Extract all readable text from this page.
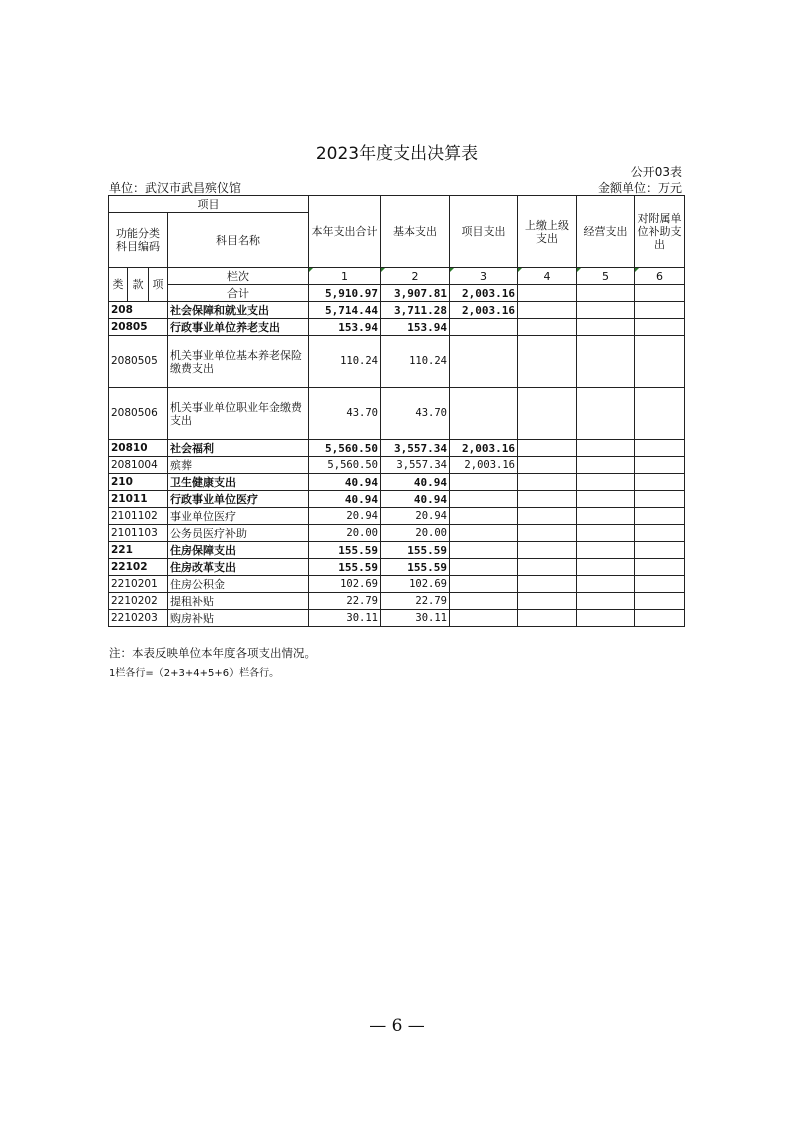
2023年度支出决算表
公开03表
单位：武汉市武昌殡仪馆	金额单位：万元
项目				本年支出合计	基本支出	项目支出	上缴上级支出	经营支出	对附属单位补助支出
功能分类科目编码			科目名称						
类	款	项	栏次	1	2	3	4	5	6
			合计	5,910.97	3,907.81	2,003.16			
208			社会保障和就业支出	5,714.44	3,711.28	2,003.16			
20805			行政事业单位养老支出	153.94	153.94				
2080505			机关事业单位基本养老保险缴费支出	110.24	110.24				
2080506			机关事业单位职业年金缴费支出	43.70	43.70				
20810			社会福利	5,560.50	3,557.34	2,003.16			
2081004			殡葬	5,560.50	3,557.34	2,003.16			
210			卫生健康支出	40.94	40.94				
21011			行政事业单位医疗	40.94	40.94				
2101102			事业单位医疗	20.94	20.94				
2101103			公务员医疗补助	20.00	20.00				
221			住房保障支出	155.59	155.59				
22102			住房改革支出	155.59	155.59				
2210201			住房公积金	102.69	102.69				
2210202			提租补贴	22.79	22.79				
2210203			购房补贴	30.11	30.11				
注：本表反映单位本年度各项支出情况。
1栏各行=（2+3+4+5+6）栏各行。
— 6 —
